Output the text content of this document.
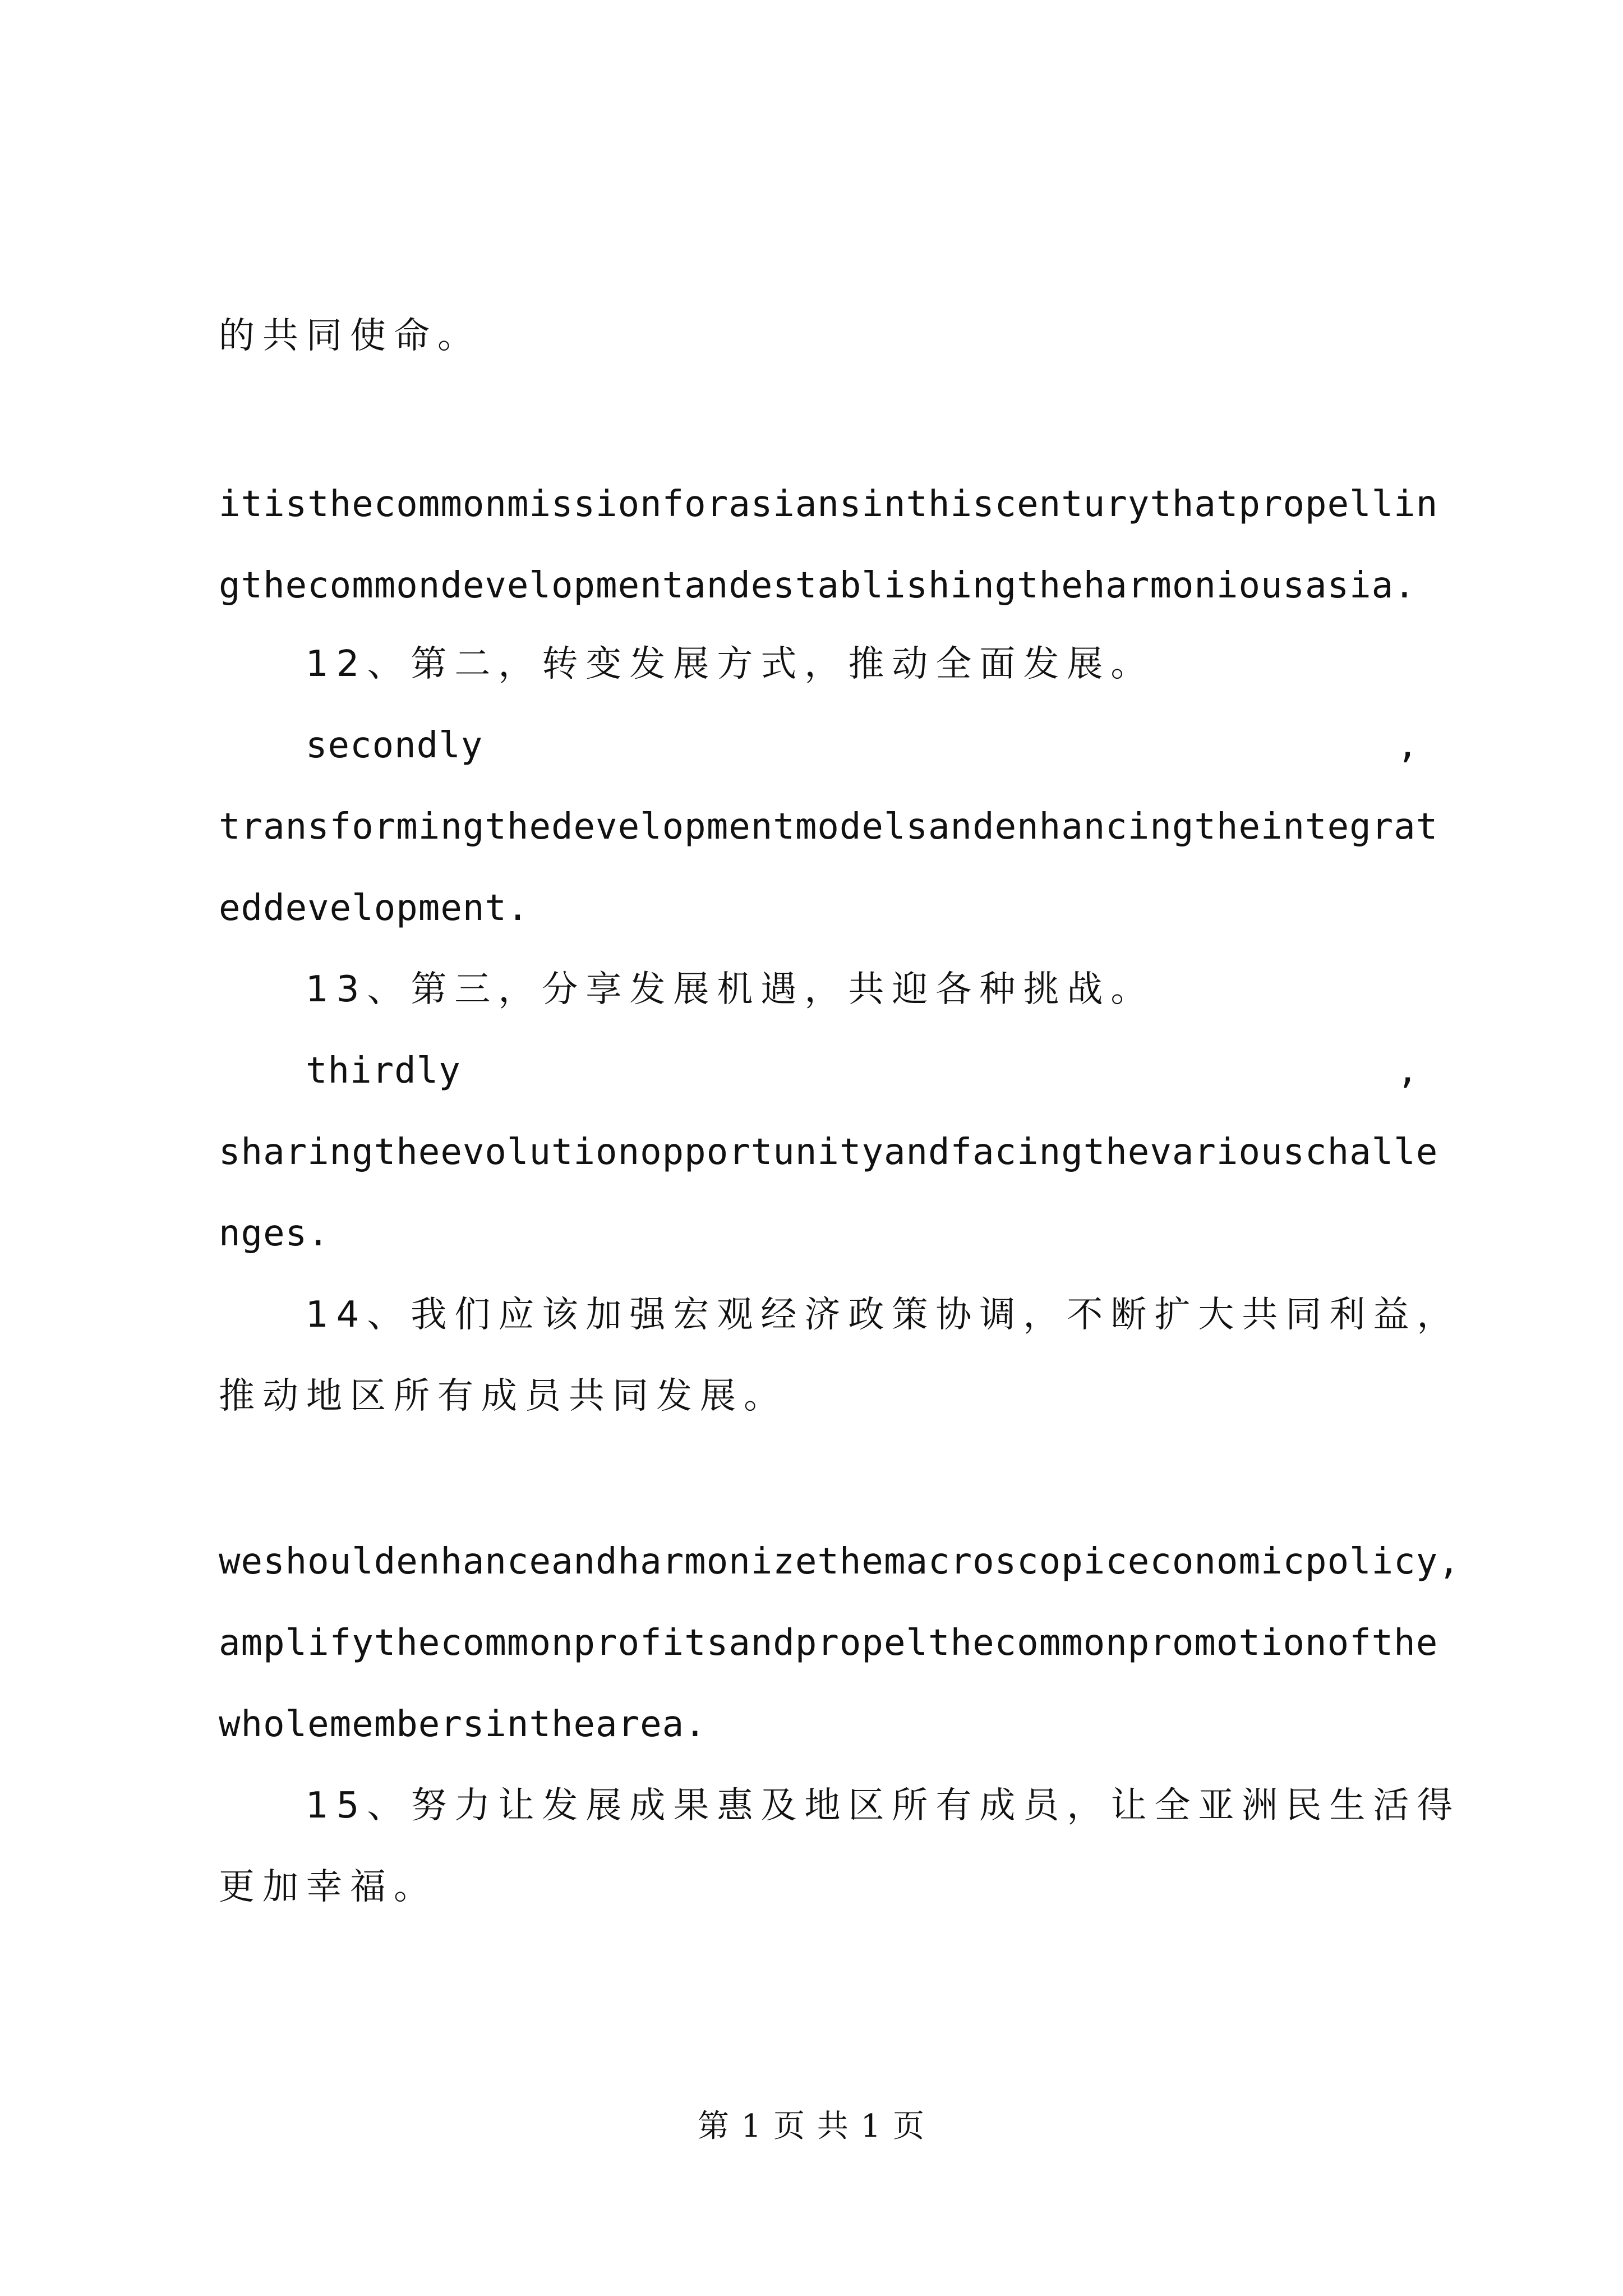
的共同使命。
itisthecommonmissionforasiansinthiscenturythatpropellin
gthecommondevelopmentandestablishingtheharmoniousasia.
12、第二，转变发展方式，推动全面发展。
secondly	,
transformingthedevelopmentmodelsandenhancingtheintegrat
eddevelopment.
13、第三，分享发展机遇，共迎各种挑战。
thirdly	,
sharingtheevolutionopportunityandfacingthevariouschalle
nges.
14、我们应该加强宏观经济政策协调，不断扩大共同利益，
推动地区所有成员共同发展。
weshouldenhanceandharmonizethemacroscopiceconomicpolicy,
amplifythecommonprofitsandpropelthecommonpromotionofthe
wholemembersinthearea.
15、努力让发展成果惠及地区所有成员，让全亚洲民生活得
更加幸福。
第 1 页 共 1 页
